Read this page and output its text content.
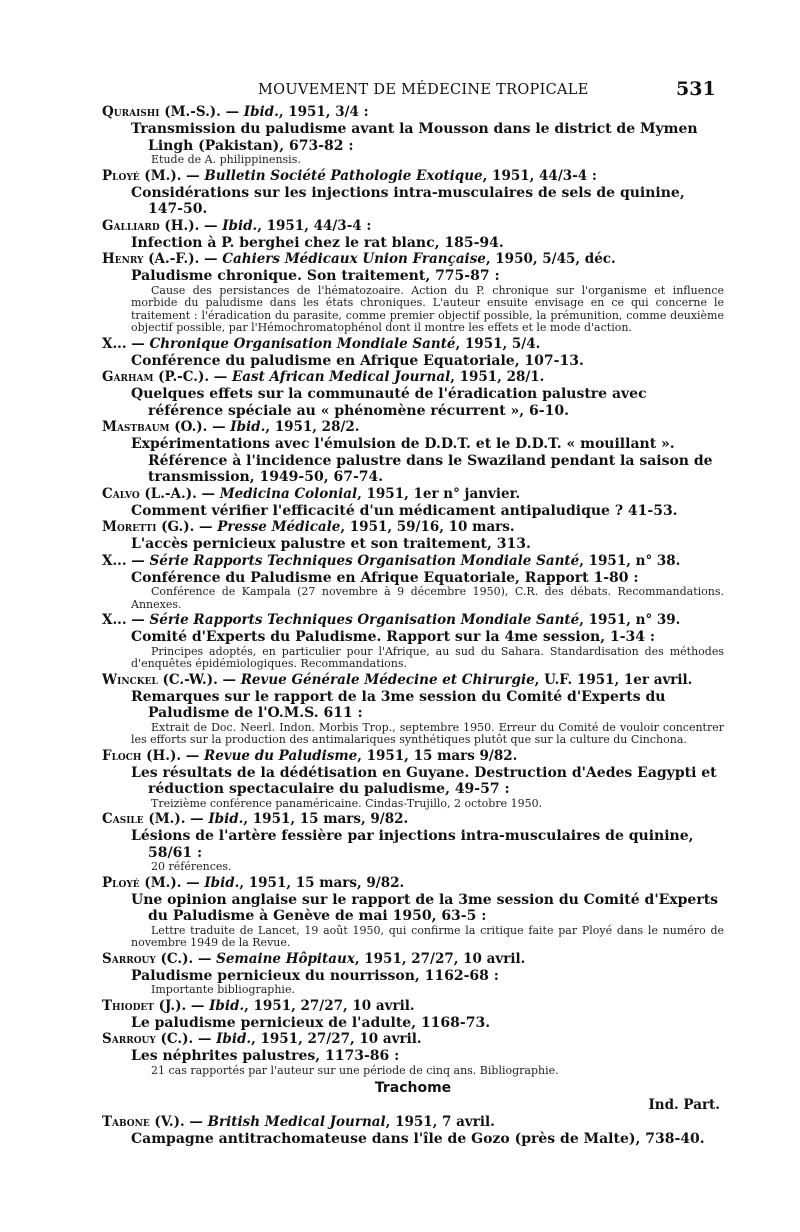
MOUVEMENT DE MÉDECINE TROPICALE	531
Quraishi (M.-S.). — Ibid., 1951, 3/4 :
Transmission du paludisme avant la Mousson dans le district de Mymen Lingh (Pakistan), 673-82 :
Etude de A. philippinensis.
Ployé (M.). — Bulletin Société Pathologie Exotique, 1951, 44/3-4 :
Considérations sur les injections intra-musculaires de sels de quinine, 147-50.
Galliard (H.). — Ibid., 1951, 44/3-4 :
Infection à P. berghei chez le rat blanc, 185-94.
Henry (A.-F.). — Cahiers Médicaux Union Française, 1950, 5/45, déc.
Paludisme chronique. Son traitement, 775-87 :
Cause des persistances de l'hématozoaire. Action du P. chronique sur l'organisme et influence morbide du paludisme dans les états chroniques. L'auteur ensuite envisage en ce qui concerne le traitement : l'éradication du parasite, comme premier objectif possible, la prémunition, comme deuxième objectif possible, par l'Hémochromatophénol dont il montre les effets et le mode d'action.
X... — Chronique Organisation Mondiale Santé, 1951, 5/4.
Conférence du paludisme en Afrique Equatoriale, 107-13.
Garham (P.-C.). — East African Medical Journal, 1951, 28/1.
Quelques effets sur la communauté de l'éradication palustre avec référence spéciale au « phénomène récurrent », 6-10.
Mastbaum (O.). — Ibid., 1951, 28/2.
Expérimentations avec l'émulsion de D.D.T. et le D.D.T. « mouillant ». Référence à l'incidence palustre dans le Swaziland pendant la saison de transmission, 1949-50, 67-74.
Calvo (L.-A.). — Medicina Colonial, 1951, 1er n° janvier.
Comment vérifier l'efficacité d'un médicament antipaludique ? 41-53.
Moretti (G.). — Presse Médicale, 1951, 59/16, 10 mars.
L'accès pernicieux palustre et son traitement, 313.
X... — Série Rapports Techniques Organisation Mondiale Santé, 1951, n° 38.
Conférence du Paludisme en Afrique Equatoriale, Rapport 1-80 :
Conférence de Kampala (27 novembre à 9 décembre 1950), C.R. des débats. Recommandations. Annexes.
X... — Série Rapports Techniques Organisation Mondiale Santé, 1951, n° 39.
Comité d'Experts du Paludisme. Rapport sur la 4me session, 1-34 :
Principes adoptés, en particulier pour l'Afrique, au sud du Sahara. Standardisation des méthodes d'enquêtes épidémiologiques. Recommandations.
Winckel (C.-W.). — Revue Générale Médecine et Chirurgie, U.F. 1951, 1er avril.
Remarques sur le rapport de la 3me session du Comité d'Experts du Paludisme de l'O.M.S. 611 :
Extrait de Doc. Neerl. Indon. Morbis Trop., septembre 1950. Erreur du Comité de vouloir concentrer les efforts sur la production des antimalariques synthétiques plutôt que sur la culture du Cinchona.
Floch (H.). — Revue du Paludisme, 1951, 15 mars 9/82.
Les résultats de la dédétisation en Guyane. Destruction d'Aedes Eagypti et réduction spectaculaire du paludisme, 49-57 :
Treizième conférence panaméricaine. Cindas-Trujillo, 2 octobre 1950.
Casile (M.). — Ibid., 1951, 15 mars, 9/82.
Lésions de l'artère fessière par injections intra-musculaires de quinine, 58/61 :
20 références.
Ployé (M.). — Ibid., 1951, 15 mars, 9/82.
Une opinion anglaise sur le rapport de la 3me session du Comité d'Experts du Paludisme à Genève de mai 1950, 63-5 :
Lettre traduite de Lancet, 19 août 1950, qui confirme la critique faite par Ployé dans le numéro de novembre 1949 de la Revue.
Sarrouy (C.). — Semaine Hôpitaux, 1951, 27/27, 10 avril.
Paludisme pernicieux du nourrisson, 1162-68 :
Importante bibliographie.
Thiodet (J.). — Ibid., 1951, 27/27, 10 avril.
Le paludisme pernicieux de l'adulte, 1168-73.
Sarrouy (C.). — Ibid., 1951, 27/27, 10 avril.
Les néphrites palustres, 1173-86 :
21 cas rapportés par l'auteur sur une période de cinq ans. Bibliographie.
Trachome
Ind. Part.
Tabone (V.). — British Medical Journal, 1951, 7 avril.
Campagne antitrachomateuse dans l'île de Gozo (près de Malte), 738-40.
